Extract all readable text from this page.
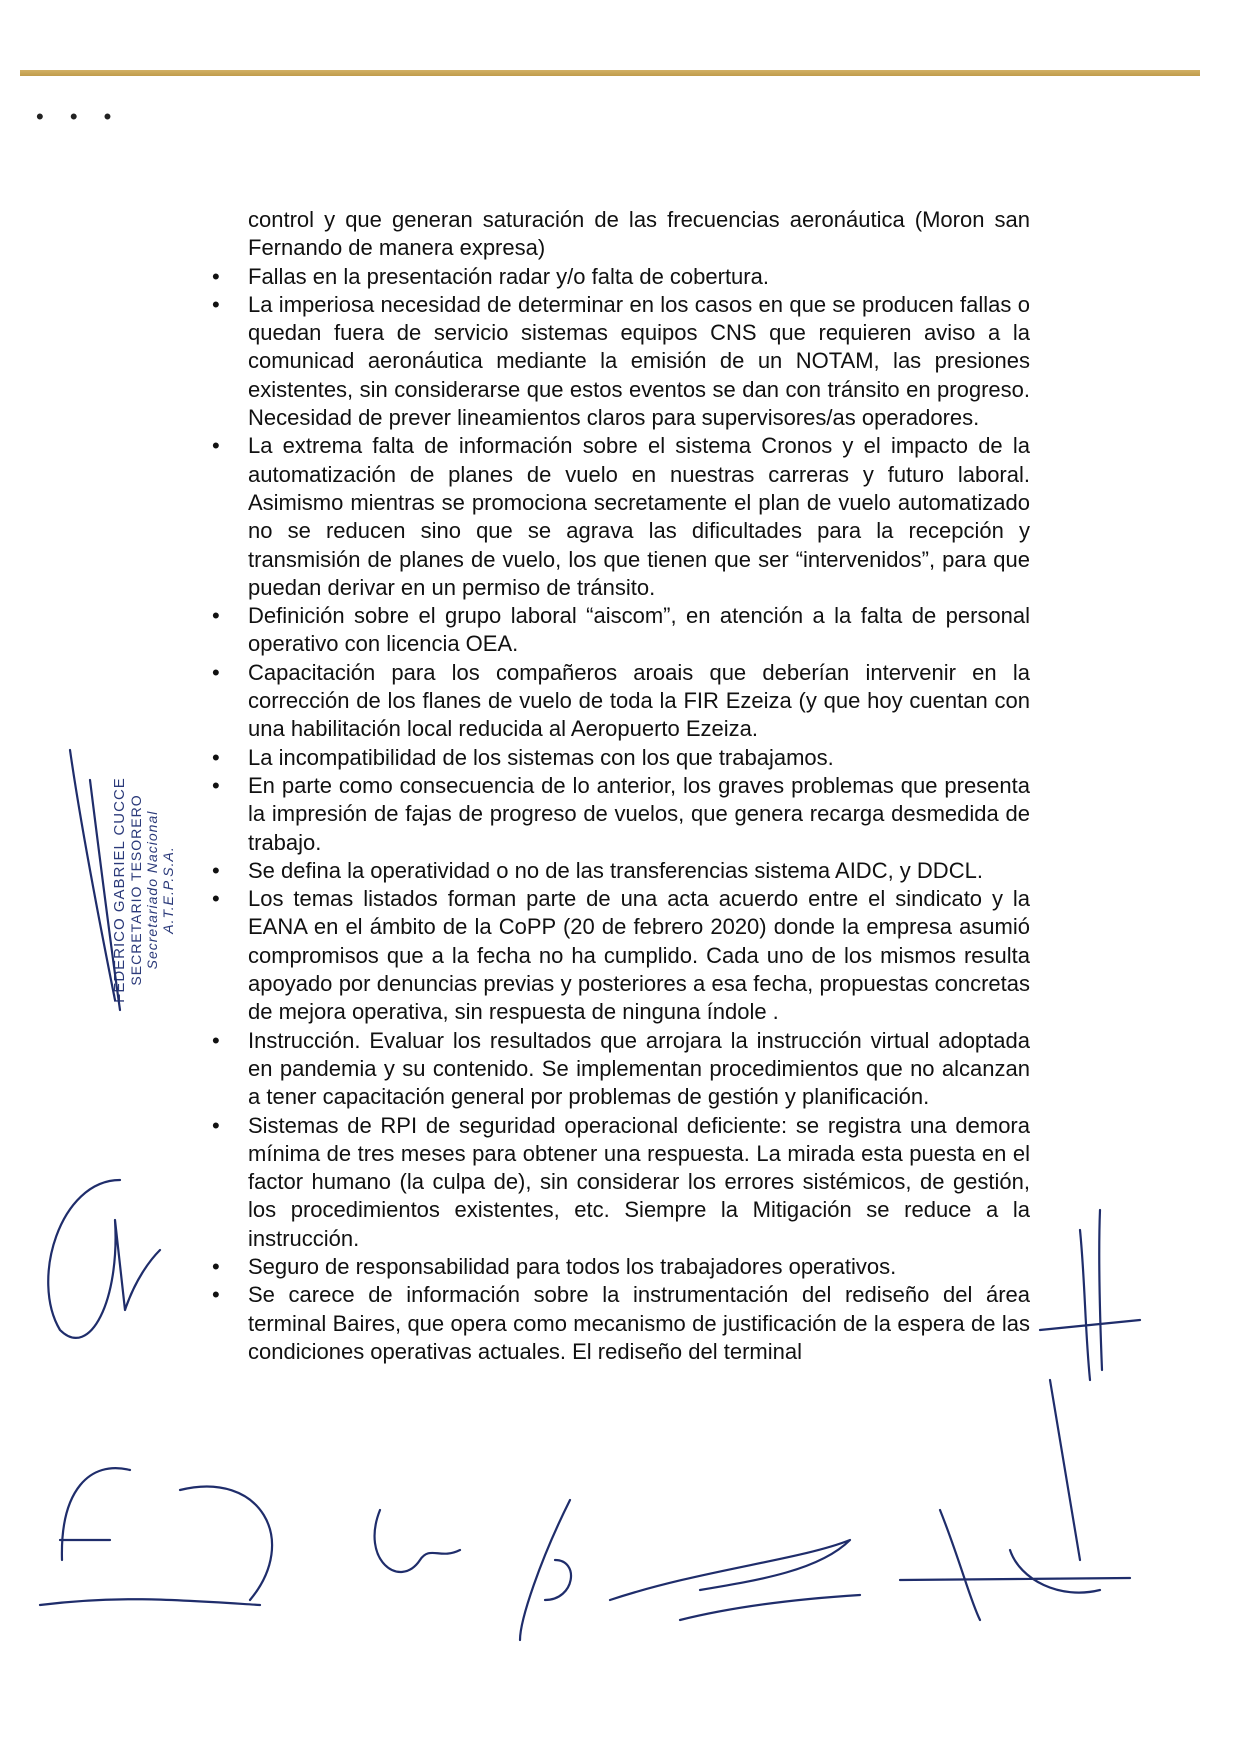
• • •

control y que generan saturación de las frecuencias aeronáutica (Moron san Fernando de manera expresa)

• Fallas en la presentación radar y/o falta de cobertura.
• La imperiosa necesidad de determinar en los casos en que se producen fallas o quedan fuera de servicio sistemas equipos CNS que requieren aviso a la comunicad aeronáutica mediante la emisión de un NOTAM, las presiones existentes, sin considerarse que estos eventos se dan con tránsito en progreso. Necesidad de prever lineamientos claros para supervisores/as operadores.
• La extrema falta de información sobre el sistema Cronos y el impacto de la automatización de planes de vuelo en nuestras carreras y futuro laboral. Asimismo mientras se promociona secretamente el plan de vuelo automatizado no se reducen sino que se agrava las dificultades para la recepción y transmisión de planes de vuelo, los que tienen que ser “intervenidos”, para que puedan derivar en un permiso de tránsito.
• Definición sobre el grupo laboral “aiscom”, en atención a la falta de personal operativo con licencia OEA.
• Capacitación para los compañeros aroais que deberían intervenir en la corrección de los flanes de vuelo de toda la FIR Ezeiza (y que hoy cuentan con una habilitación local reducida al Aeropuerto Ezeiza.
• La incompatibilidad de los sistemas con los que trabajamos.
• En parte como consecuencia de lo anterior, los graves problemas que presenta la impresión de fajas de progreso de vuelos, que genera recarga desmedida de trabajo.
• Se defina la operatividad o no de las transferencias sistema AIDC, y DDCL.
• Los temas listados forman parte de una acta acuerdo entre el sindicato y la EANA en el ámbito de la CoPP (20 de febrero 2020) donde la empresa asumió compromisos que a la fecha no ha cumplido. Cada uno de los mismos resulta apoyado por denuncias previas y posteriores a esa fecha, propuestas concretas de mejora operativa, sin respuesta de ninguna índole .
• Instrucción. Evaluar los resultados que arrojara la instrucción virtual adoptada en pandemia y su contenido. Se implementan procedimientos que no alcanzan a tener capacitación general por problemas de gestión y planificación.
• Sistemas de RPI de seguridad operacional deficiente: se registra una demora mínima de tres meses para obtener una respuesta. La mirada esta puesta en el factor humano (la culpa de), sin considerar los errores sistémicos, de gestión, los procedimientos existentes, etc. Siempre la Mitigación se reduce a la instrucción.
• Seguro de responsabilidad para todos los trabajadores operativos.
• Se carece de información sobre la instrumentación del rediseño del área terminal Baires, que opera como mecanismo de justificación de la espera de las condiciones operativas actuales. El rediseño del terminal
FEDERICO GABRIEL CUCCE SECRETARIO TESORERO Secretariado Nacional A.T.E.P.S.A.
